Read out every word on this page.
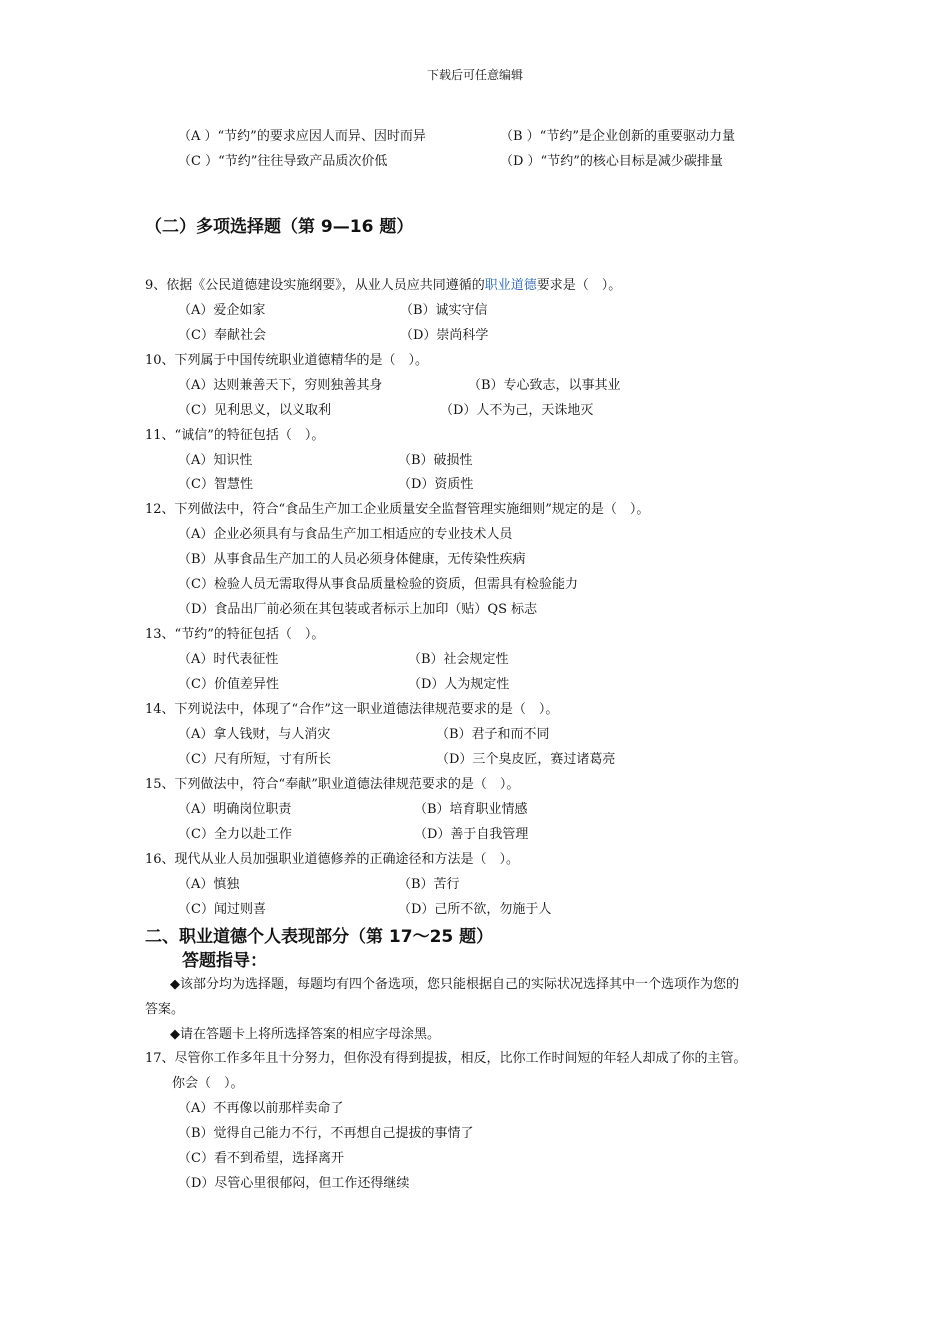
下载后可任意编辑
（A ）“节约”的要求应因人而异、因时而异	（B ）“节约”是企业创新的重要驱动力量
（C ）“节约”往往导致产品质次价低	（D ）“节约”的核心目标是减少碳排量
（二）多项选择题（第 9—16 题）
9、依据《公民道德建设实施纲要》，从业人员应共同遵循的职业道德要求是（　）。
（A）爱企如家	（B）诚实守信
（C）奉献社会	（D）崇尚科学
10、下列属于中国传统职业道德精华的是（　）。
（A）达则兼善天下，穷则独善其身	（B）专心致志，以事其业
（C）见利思义，以义取利	（D）人不为己，天诛地灭
11、“诚信”的特征包括（　）。
（A）知识性	（B）破损性
（C）智慧性	（D）资质性
12、下列做法中，符合“食品生产加工企业质量安全监督管理实施细则”规定的是（　）。
（A）企业必须具有与食品生产加工相适应的专业技术人员
（B）从事食品生产加工的人员必须身体健康，无传染性疾病
（C）检验人员无需取得从事食品质量检验的资质，但需具有检验能力
（D）食品出厂前必须在其包装或者标示上加印（贴）QS 标志
13、“节约”的特征包括（　）。
（A）时代表征性	（B）社会规定性
（C）价值差异性	（D）人为规定性
14、下列说法中，体现了“合作”这一职业道德法律规范要求的是（　）。
（A）拿人钱财，与人消灾	（B）君子和而不同
（C）尺有所短，寸有所长	（D）三个臭皮匠，赛过诸葛亮
15、下列做法中，符合“奉献”职业道德法律规范要求的是（　）。
（A）明确岗位职责	（B）培育职业情感
（C）全力以赴工作	（D）善于自我管理
16、现代从业人员加强职业道德修养的正确途径和方法是（　）。
（A）慎独	（B）苦行
（C）闻过则喜	（D）己所不欲，勿施于人
二、职业道德个人表现部分（第 17～25 题）
答题指导：
◆该部分均为选择题，每题均有四个备选项，您只能根据自己的实际状况选择其中一个选项作为您的
答案。
◆请在答题卡上将所选择答案的相应字母涂黑。
17、尽管你工作多年且十分努力，但你没有得到提拔，相反，比你工作时间短的年轻人却成了你的主管。
你会（　）。
（A）不再像以前那样卖命了
（B）觉得自己能力不行，不再想自己提拔的事情了
（C）看不到希望，选择离开
（D）尽管心里很郁闷，但工作还得继续
